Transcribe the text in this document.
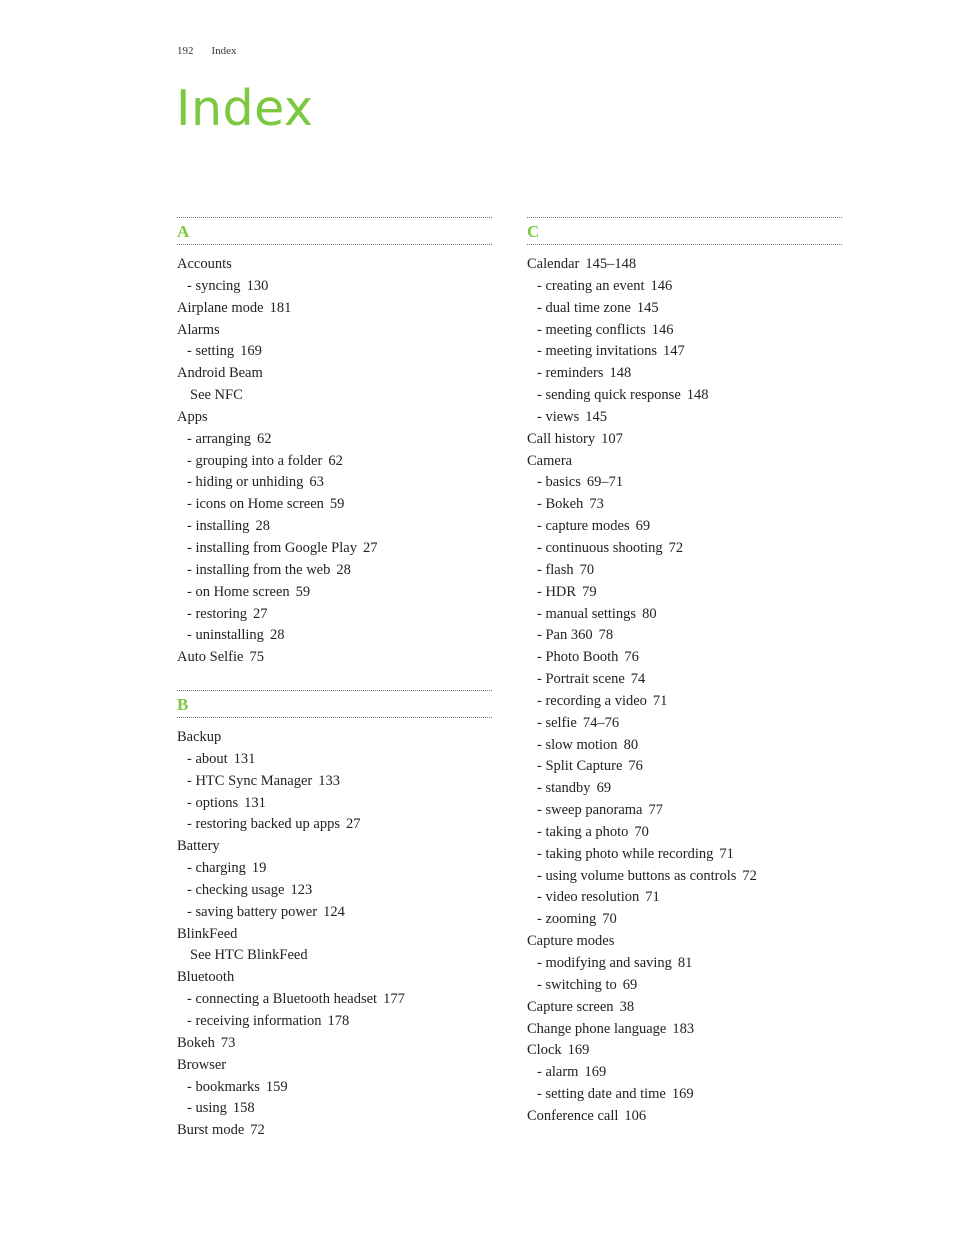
192 Index
Index
A
Accounts
- syncing 130
Airplane mode 181
Alarms
- setting 169
Android Beam
See NFC
Apps
- arranging 62
- grouping into a folder 62
- hiding or unhiding 63
- icons on Home screen 59
- installing 28
- installing from Google Play 27
- installing from the web 28
- on Home screen 59
- restoring 27
- uninstalling 28
Auto Selfie 75
B
Backup
- about 131
- HTC Sync Manager 133
- options 131
- restoring backed up apps 27
Battery
- charging 19
- checking usage 123
- saving battery power 124
BlinkFeed
See HTC BlinkFeed
Bluetooth
- connecting a Bluetooth headset 177
- receiving information 178
Bokeh 73
Browser
- bookmarks 159
- using 158
Burst mode 72
C
Calendar 145–148
- creating an event 146
- dual time zone 145
- meeting conflicts 146
- meeting invitations 147
- reminders 148
- sending quick response 148
- views 145
Call history 107
Camera
- basics 69–71
- Bokeh 73
- capture modes 69
- continuous shooting 72
- flash 70
- HDR 79
- manual settings 80
- Pan 360 78
- Photo Booth 76
- Portrait scene 74
- recording a video 71
- selfie 74–76
- slow motion 80
- Split Capture 76
- standby 69
- sweep panorama 77
- taking a photo 70
- taking photo while recording 71
- using volume buttons as controls 72
- video resolution 71
- zooming 70
Capture modes
- modifying and saving 81
- switching to 69
Capture screen 38
Change phone language 183
Clock 169
- alarm 169
- setting date and time 169
Conference call 106
